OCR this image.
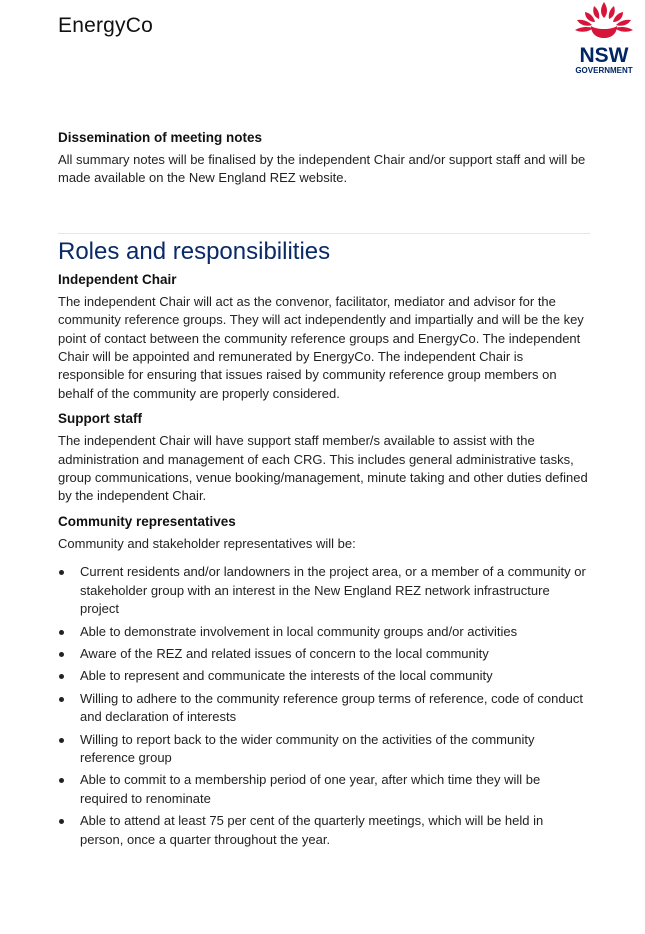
EnergyCo
NSW
GOVERNMENT
Dissemination of meeting notes

All summary notes will be finalised by the independent Chair and/or support staff and will be made available on the New England REZ website.

Roles and responsibilities
Independent Chair

The independent Chair will act as the convenor, facilitator, mediator and advisor for the community reference groups. They will act independently and impartially and will be the key point of contact between the community reference groups and EnergyCo. The independent Chair will be appointed and remunerated by EnergyCo. The independent Chair is responsible for ensuring that issues raised by community reference group members on behalf of the community are properly considered.

Support staff

The independent Chair will have support staff member/s available to assist with the administration and management of each CRG. This includes general administrative tasks, group communications, venue booking/management, minute taking and other duties defined by the independent Chair.

Community representatives

Community and stakeholder representatives will be:

Current residents and/or landowners in the project area, or a member of a community or stakeholder group with an interest in the New England REZ network infrastructure project
Able to demonstrate involvement in local community groups and/or activities
Aware of the REZ and related issues of concern to the local community
Able to represent and communicate the interests of the local community
Willing to adhere to the community reference group terms of reference, code of conduct and declaration of interests
Willing to report back to the wider community on the activities of the community reference group
Able to commit to a membership period of one year, after which time they will be required to renominate
Able to attend at least 75 per cent of the quarterly meetings, which will be held in person, once a quarter throughout the year.
